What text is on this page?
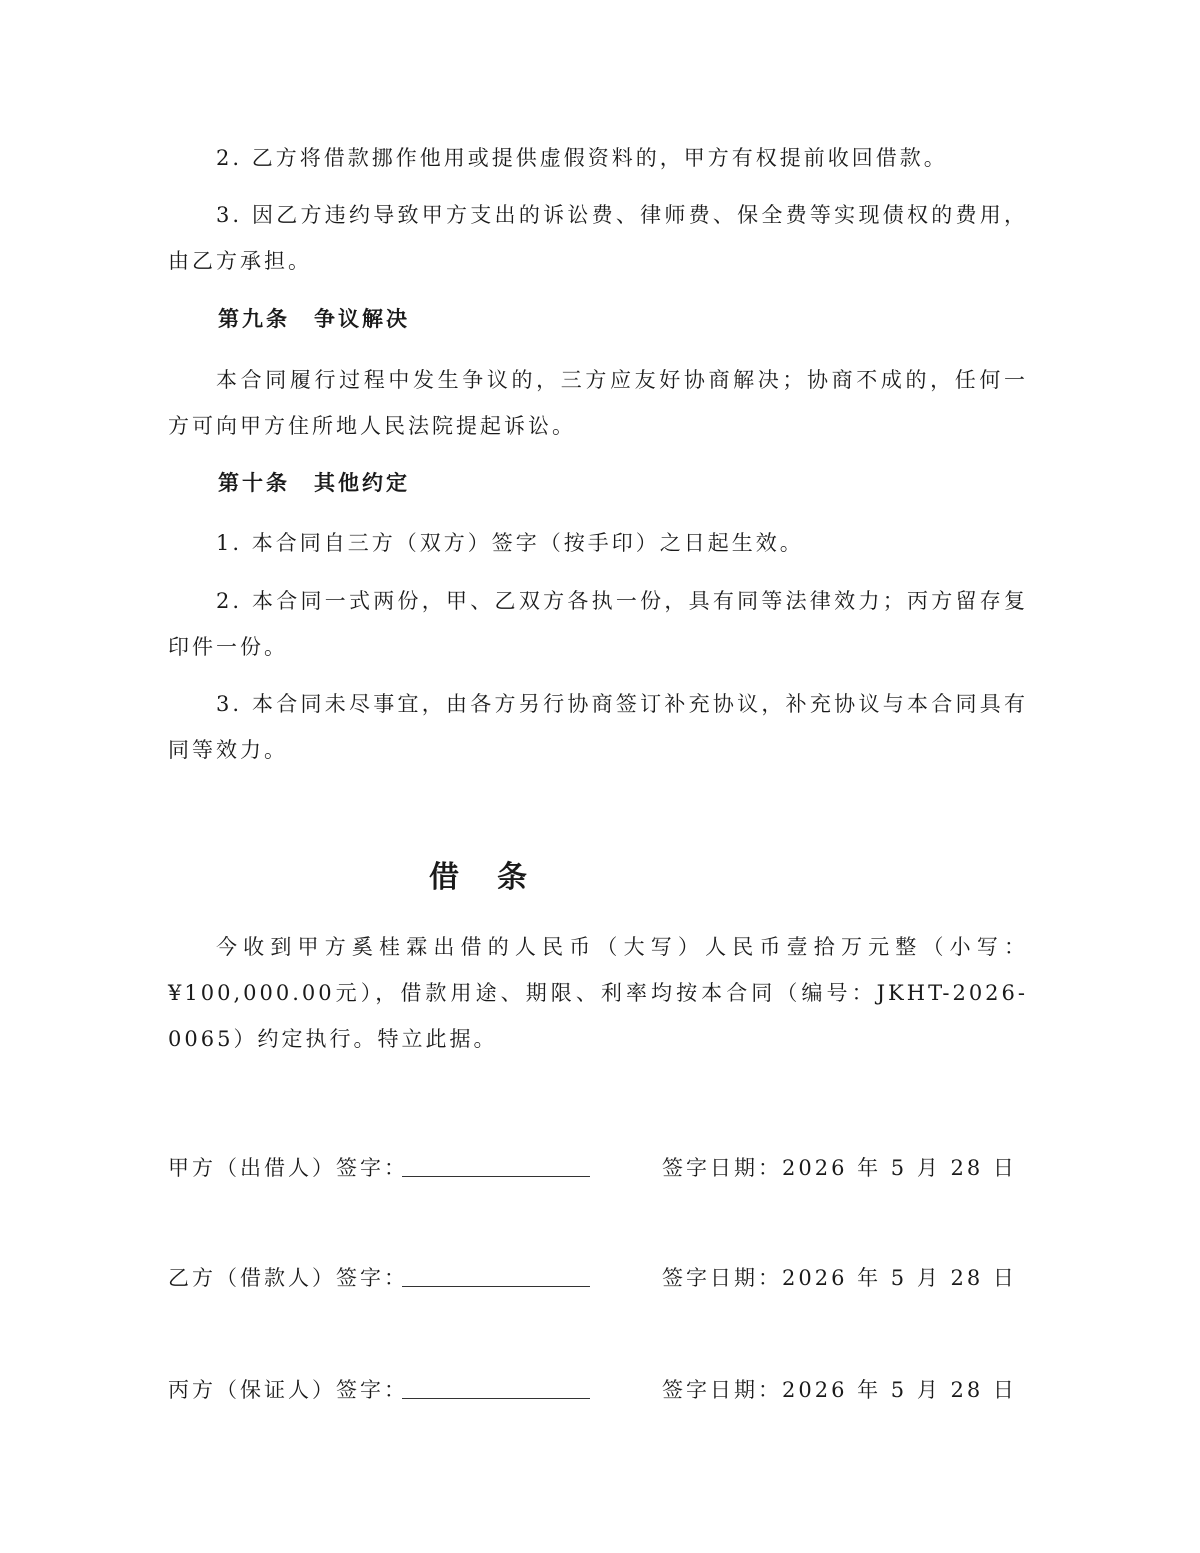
2. 乙方将借款挪作他用或提供虚假资料的，甲方有权提前收回借款。

3. 因乙方违约导致甲方支出的诉讼费、律师费、保全费等实现债权的费用，由乙方承担。

第九条　争议解决

本合同履行过程中发生争议的，三方应友好协商解决；协商不成的，任何一方可向甲方住所地人民法院提起诉讼。

第十条　其他约定

1. 本合同自三方（双方）签字（按手印）之日起生效。

2. 本合同一式两份，甲、乙双方各执一份，具有同等法律效力；丙方留存复印件一份。

3. 本合同未尽事宜，由各方另行协商签订补充协议，补充协议与本合同具有同等效力。

今收到甲方奚桂霖出借的人民币（大写）人民币壹拾万元整（小写：¥100,000.00元），借款用途、期限、利率均按本合同（编号：JKHT-2026-0065）约定执行。特立此据。

借　条

甲方（出借人）签字：	签字日期：2026 年 5 月 28 日
乙方（借款人）签字：	签字日期：2026 年 5 月 28 日
丙方（保证人）签字：	签字日期：2026 年 5 月 28 日
